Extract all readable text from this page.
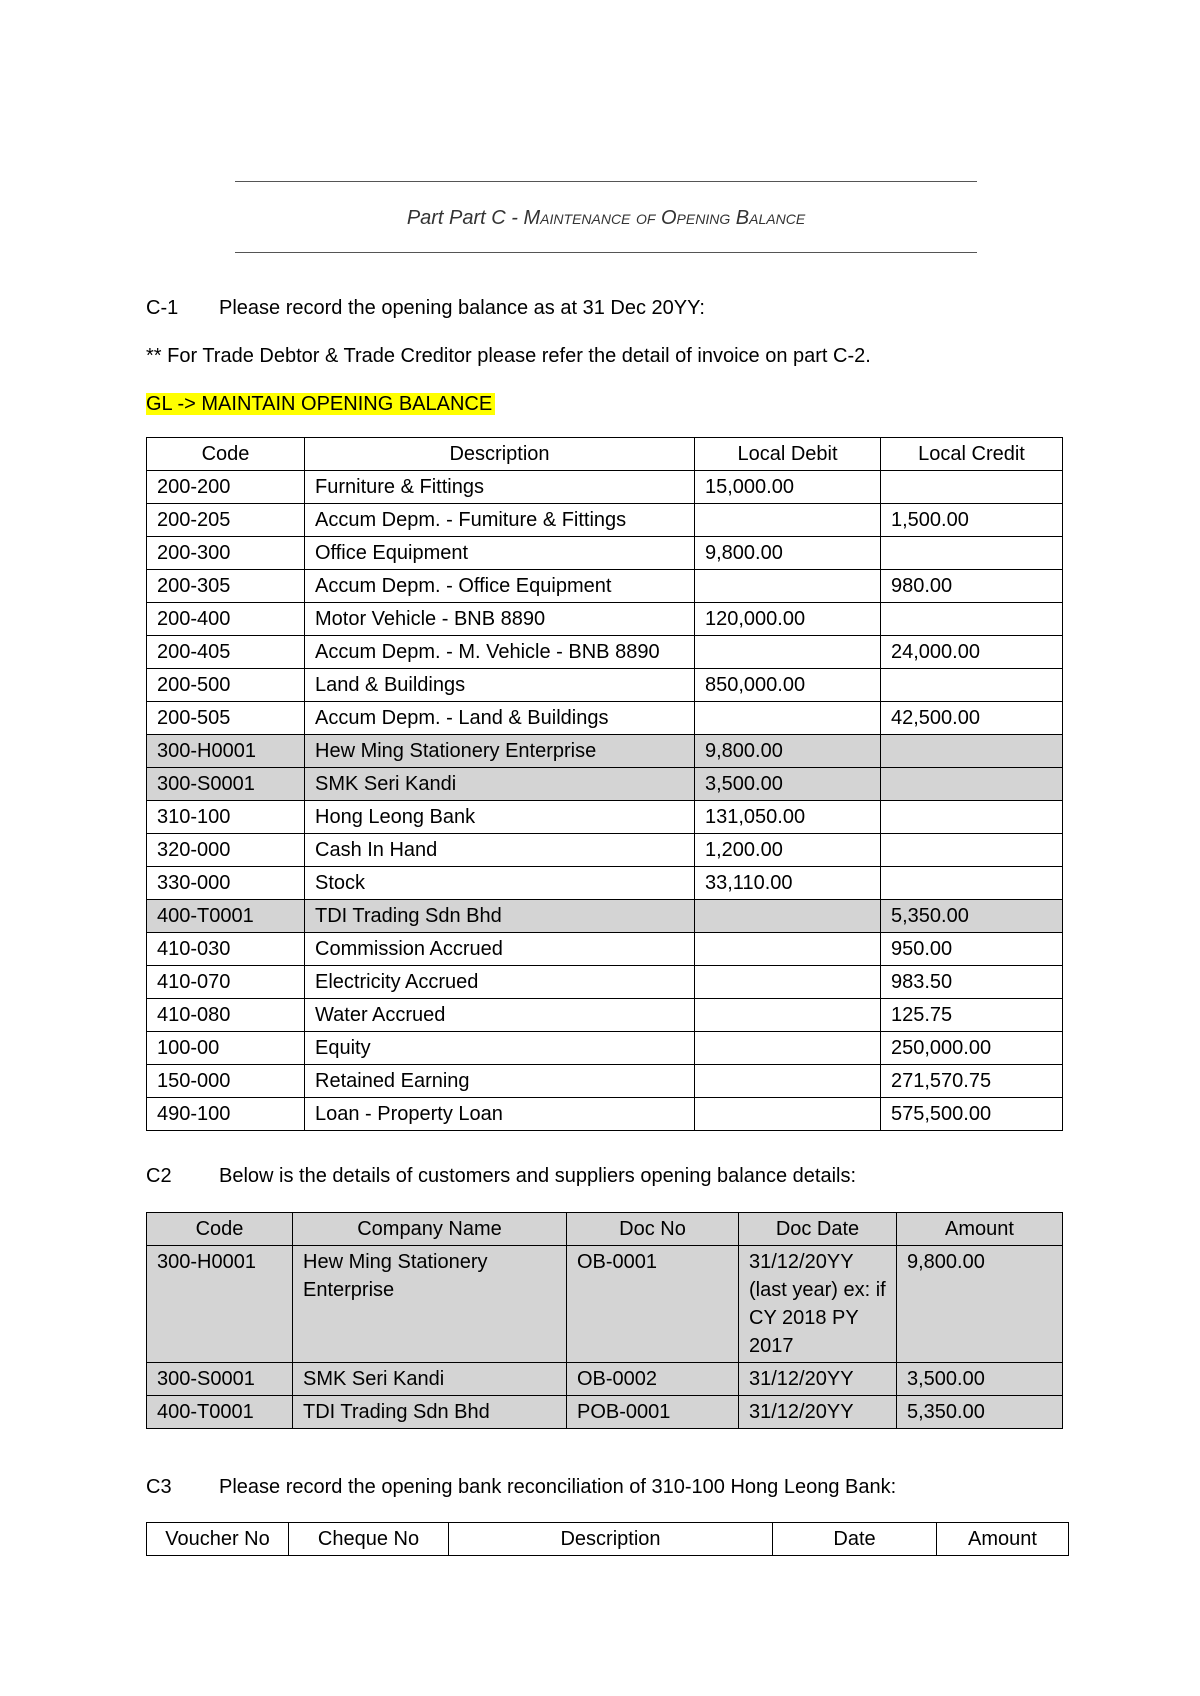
Part Part C - Maintenance of Opening Balance
C-1 Please record the opening balance as at 31 Dec 20YY:
** For Trade Debtor & Trade Creditor please refer the detail of invoice on part C-2.
GL -> MAINTAIN OPENING BALANCE
Code	Description	Local Debit	Local Credit
200-200	Furniture & Fittings	15,000.00	
200-205	Accum Depm. - Fumiture & Fittings		1,500.00
200-300	Office Equipment	9,800.00	
200-305	Accum Depm. - Office Equipment		980.00
200-400	Motor Vehicle - BNB 8890	120,000.00	
200-405	Accum Depm. - M. Vehicle - BNB 8890		24,000.00
200-500	Land & Buildings	850,000.00	
200-505	Accum Depm. - Land & Buildings		42,500.00
300-H0001	Hew Ming Stationery Enterprise	9,800.00	
300-S0001	SMK Seri Kandi	3,500.00	
310-100	Hong Leong Bank	131,050.00	
320-000	Cash In Hand	1,200.00	
330-000	Stock	33,110.00	
400-T0001	TDI Trading Sdn Bhd		5,350.00
410-030	Commission Accrued		950.00
410-070	Electricity Accrued		983.50
410-080	Water Accrued		125.75
100-00	Equity		250,000.00
150-000	Retained Earning		271,570.75
490-100	Loan - Property Loan		575,500.00
C2 Below is the details of customers and suppliers opening balance details:
Code	Company Name	Doc No	Doc Date	Amount
300-H0001	Hew Ming Stationery Enterprise	OB-0001	31/12/20YY (last year) ex: if CY 2018 PY 2017	9,800.00
300-S0001	SMK Seri Kandi	OB-0002	31/12/20YY	3,500.00
400-T0001	TDI Trading Sdn Bhd	POB-0001	31/12/20YY	5,350.00
C3 Please record the opening bank reconciliation of 310-100 Hong Leong Bank:
Voucher No	Cheque No	Description	Date	Amount
